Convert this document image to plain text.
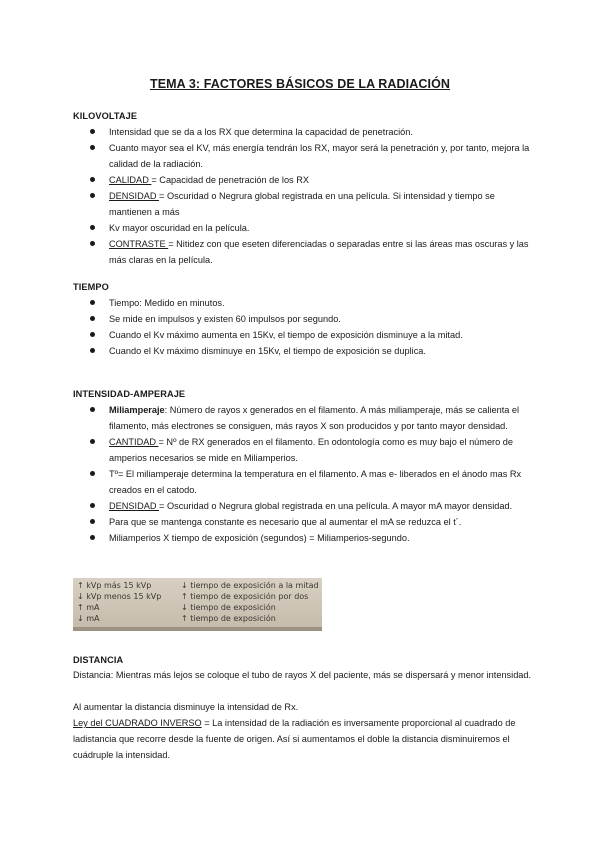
TEMA 3: FACTORES BÁSICOS DE LA RADIACIÓN
KILOVOLTAJE
Intensidad que se da a los RX que determina la capacidad de penetración.
Cuanto mayor sea el KV, más energía tendrán los RX, mayor será la penetración y, por tanto, mejora la calidad de la radiación.
CALIDAD = Capacidad de penetración de los RX
DENSIDAD = Oscuridad o Negrura global registrada en una película. Si intensidad y tiempo se mantienen a más
Kv mayor oscuridad en la película.
CONTRASTE = Nitidez con que eseten diferenciadas o separadas entre si las áreas mas oscuras y las más claras en la película.
TIEMPO
Tiempo: Medido en minutos.
Se mide en impulsos y existen 60 impulsos por segundo.
Cuando el Kv máximo aumenta en 15Kv, el tiempo de exposición disminuye a la mitad.
Cuando el Kv máximo disminuye en 15Kv, el tiempo de exposición se duplica.
INTENSIDAD-AMPERAJE
Miliamperaje: Número de rayos x generados en el filamento. A más miliamperaje, más se calienta el filamento, más electrones se consiguen, más rayos X son producidos y por tanto mayor densidad.
CANTIDAD = Nº de RX generados en el filamento. En odontología como es muy bajo el número de amperios necesarios se mide en Miliamperios.
Tº= El miliamperaje determina la temperatura en el filamento. A mas e- liberados en el ánodo mas Rx creados en el catodo.
DENSIDAD = Oscuridad o Negrura global registrada en una película. A mayor mA mayor densidad.
Para que se mantenga constante es necesario que al aumentar el mA se reduzca el t´.
Miliamperios X tiempo de exposición (segundos) = Miliamperios-segundo.
↑ kVp más 15 kVp
↓ kVp menos 15 kVp
↑ mA
↓ mA
↓ tiempo de exposición a la mitad
↑ tiempo de exposición por dos
↓ tiempo de exposición
↑ tiempo de exposición
DISTANCIA
Distancia: Mientras más lejos se coloque el tubo de rayos X del paciente, más se dispersará y menor intensidad.
Al aumentar la distancia disminuye la intensidad de Rx.
Ley del CUADRADO INVERSO = La intensidad de la radiación es inversamente proporcional al cuadrado de ladistancia que recorre desde la fuente de origen. Así si aumentamos el doble la distancia disminuiremos el cuádruple la intensidad.
